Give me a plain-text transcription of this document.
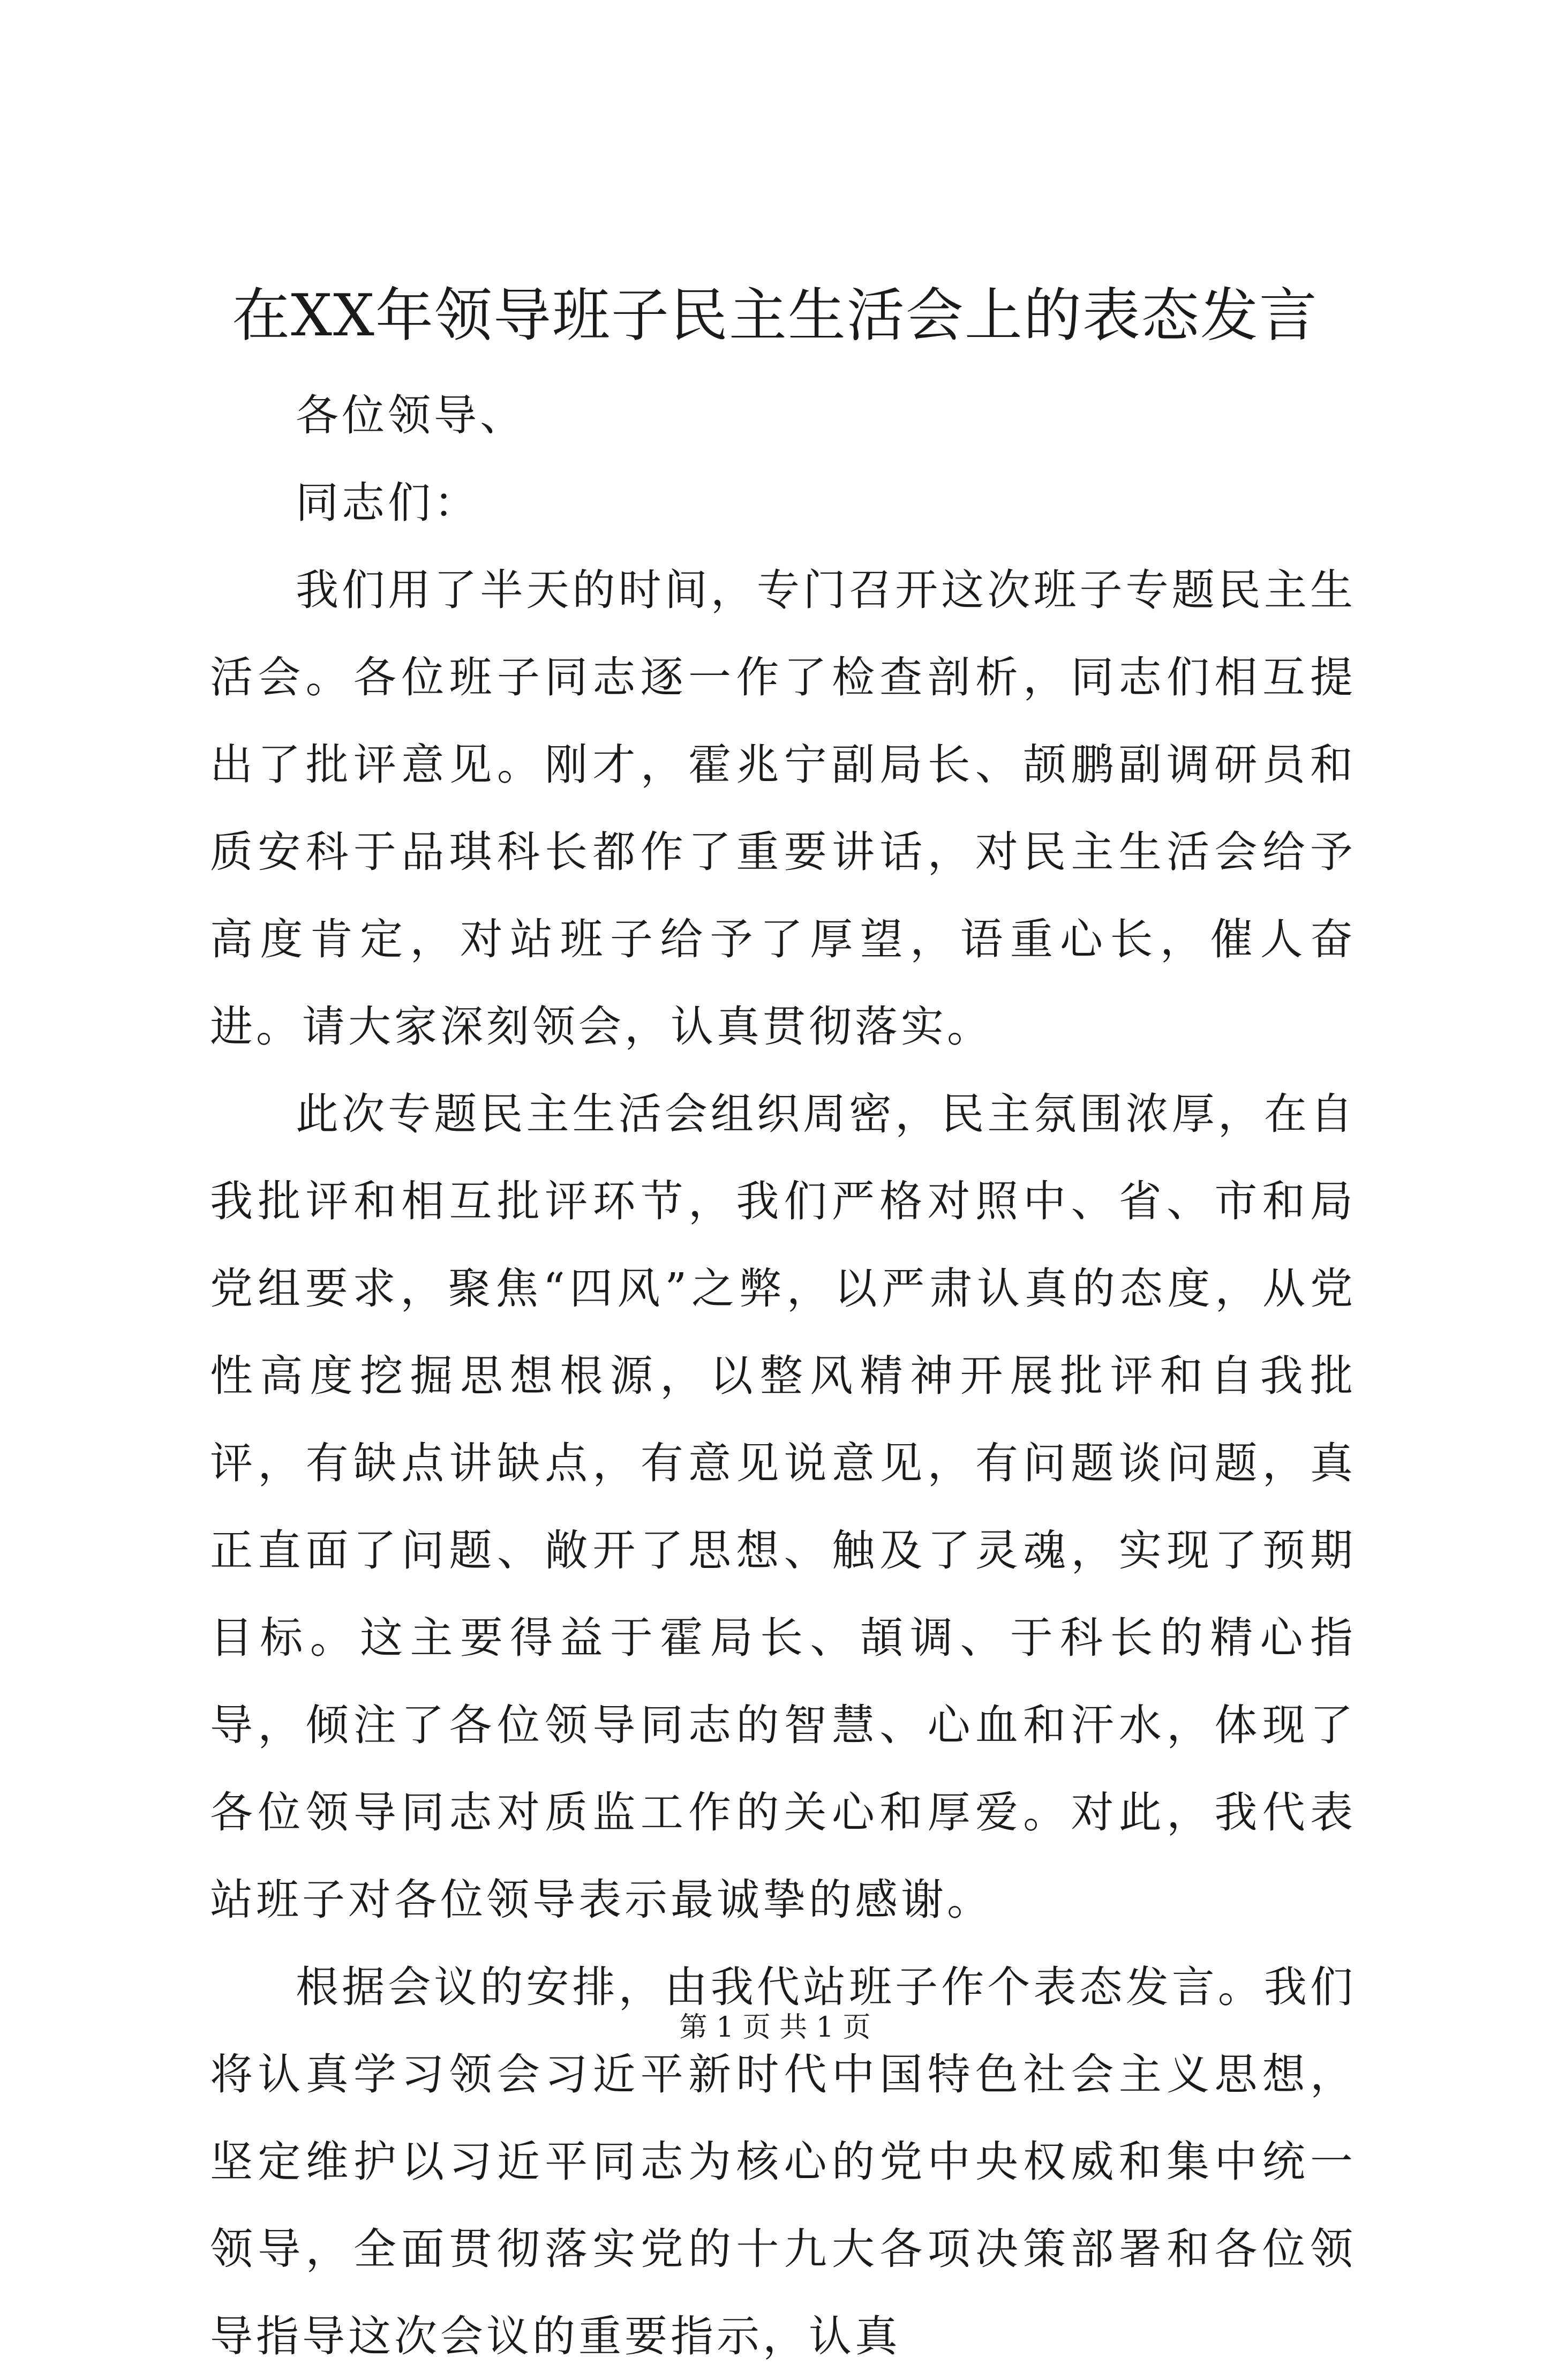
在XX年领导班子民主生活会上的表态发言

各位领导、

同志们：

我们用了半天的时间，专门召开这次班子专题民主生活会。各位班子同志逐一作了检查剖析，同志们相互提出了批评意见。刚才，霍兆宁副局长、颉鹏副调研员和质安科于品琪科长都作了重要讲话，对民主生活会给予高度肯定，对站班子给予了厚望，语重心长，催人奋进。请大家深刻领会，认真贯彻落实。

此次专题民主生活会组织周密，民主氛围浓厚，在自我批评和相互批评环节，我们严格对照中、省、市和局党组要求，聚焦“四风”之弊，以严肃认真的态度，从党性高度挖掘思想根源，以整风精神开展批评和自我批评，有缺点讲缺点，有意见说意见，有问题谈问题，真正直面了问题、敞开了思想、触及了灵魂，实现了预期目标。这主要得益于霍局长、頡调、于科长的精心指导，倾注了各位领导同志的智慧、心血和汗水，体现了各位领导同志对质监工作的关心和厚爱。对此，我代表站班子对各位领导表示最诚挚的感谢。

根据会议的安排，由我代站班子作个表态发言。我们将认真学习领会习近平新时代中国特色社会主义思想，坚定维护以习近平同志为核心的党中央权威和集中统一领导，全面贯彻落实党的十九大各项决策部署和各位领导指导这次会议的重要指示，认真

第 1 页 共 1 页
